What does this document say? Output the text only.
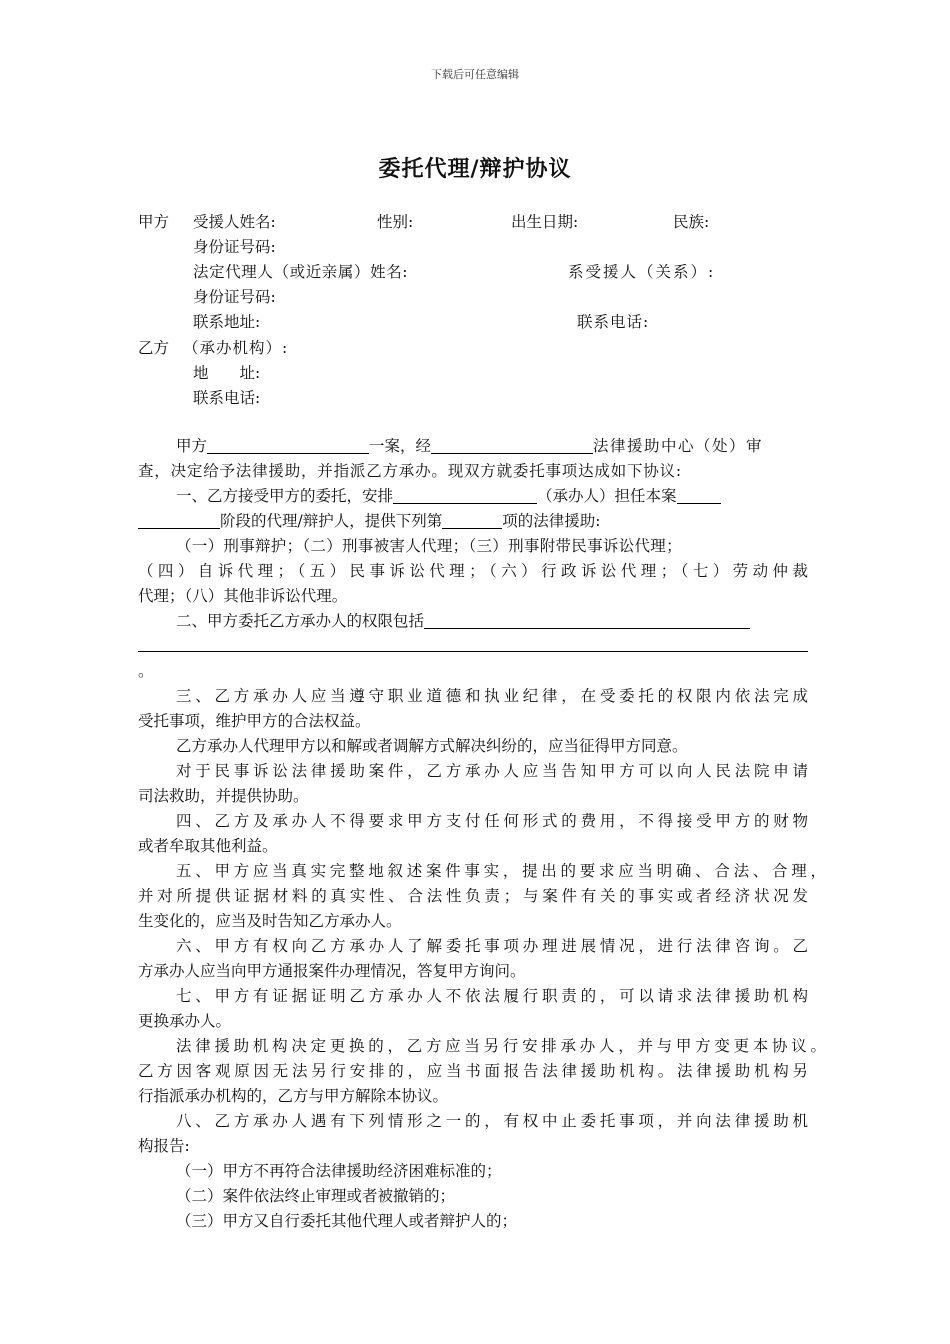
下载后可任意编辑
委托代理/辩护协议
甲方 受援人姓名:	性别:	出生日期:	民族:
身份证号码:
法定代理人（或近亲属）姓名:	系受援人（关系）:
身份证号码:
联系地址:	联系电话:
乙方 （承办机构）:
地　　址:
联系电话:
甲方	一案，经	法律援助中心（处）审
查，决定给予法律援助，并指派乙方承办。现双方就委托事项达成如下协议:
一、乙方接受甲方的委托，安排	（承办人）担任本案
阶段的代理/辩护人，提供下列第	项的法律援助:
（一）刑事辩护；（二）刑事被害人代理；（三）刑事附带民事诉讼代理；
（四）自诉代理；（五）民事诉讼代理；（六）行政诉讼代理；（七）劳动仲裁
代理；（八）其他非诉讼代理。
二、甲方委托乙方承办人的权限包括
。
三、乙方承办人应当遵守职业道德和执业纪律，在受委托的权限内依法完成
受托事项，维护甲方的合法权益。
乙方承办人代理甲方以和解或者调解方式解决纠纷的，应当征得甲方同意。
对于民事诉讼法律援助案件，乙方承办人应当告知甲方可以向人民法院申请
司法救助，并提供协助。
四、乙方及承办人不得要求甲方支付任何形式的费用，不得接受甲方的财物
或者牟取其他利益。
五、甲方应当真实完整地叙述案件事实，提出的要求应当明确、合法、合理，
并对所提供证据材料的真实性、合法性负责；与案件有关的事实或者经济状况发
生变化的，应当及时告知乙方承办人。
六、甲方有权向乙方承办人了解委托事项办理进展情况，进行法律咨询。乙
方承办人应当向甲方通报案件办理情况，答复甲方询问。
七、甲方有证据证明乙方承办人不依法履行职责的，可以请求法律援助机构
更换承办人。
法律援助机构决定更换的，乙方应当另行安排承办人，并与甲方变更本协议。
乙方因客观原因无法另行安排的，应当书面报告法律援助机构。法律援助机构另
行指派承办机构的，乙方与甲方解除本协议。
八、乙方承办人遇有下列情形之一的，有权中止委托事项，并向法律援助机
构报告:
（一）甲方不再符合法律援助经济困难标准的；
（二）案件依法终止审理或者被撤销的；
（三）甲方又自行委托其他代理人或者辩护人的；
